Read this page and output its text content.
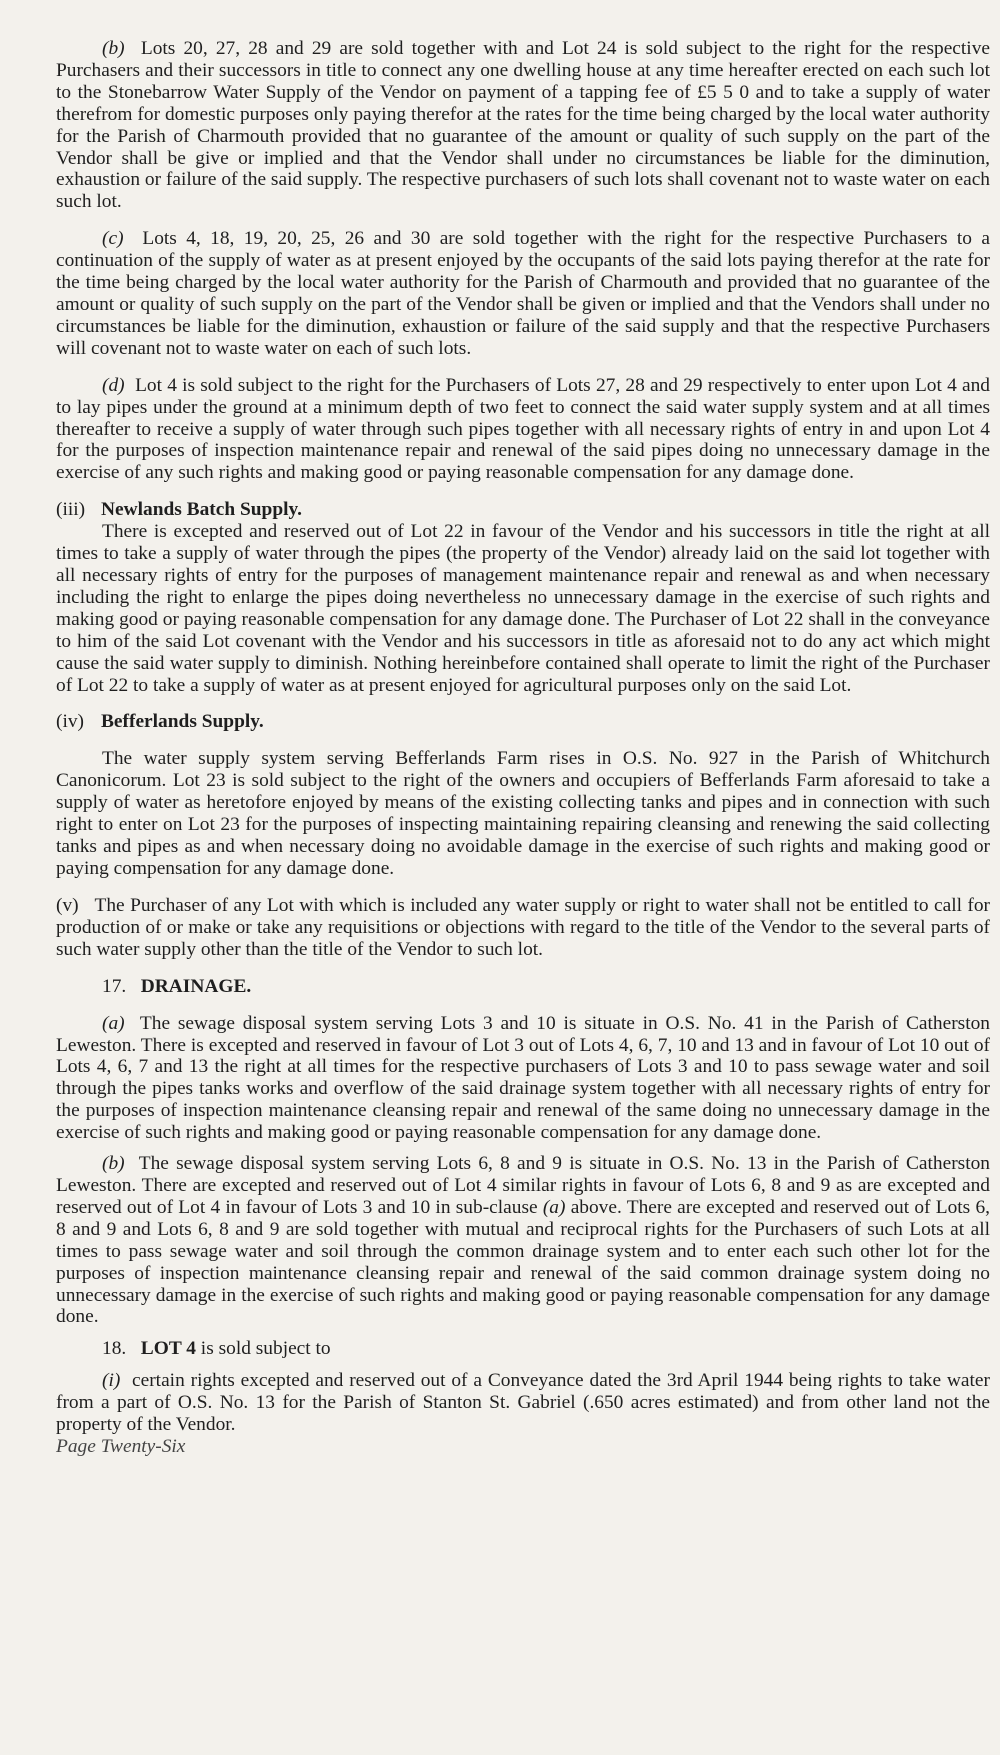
(b) Lots 20, 27, 28 and 29 are sold together with and Lot 24 is sold subject to the right for the respective Purchasers and their successors in title to connect any one dwelling house at any time hereafter erected on each such lot to the Stonebarrow Water Supply of the Vendor on payment of a tapping fee of £5 5 0 and to take a supply of water therefrom for domestic purposes only paying therefor at the rates for the time being charged by the local water authority for the Parish of Charmouth provided that no guarantee of the amount or quality of such supply on the part of the Vendor shall be give or implied and that the Vendor shall under no circumstances be liable for the diminution, exhaustion or failure of the said supply. The respective purchasers of such lots shall covenant not to waste water on each such lot.

(c) Lots 4, 18, 19, 20, 25, 26 and 30 are sold together with the right for the respective Purchasers to a continuation of the supply of water as at present enjoyed by the occupants of the said lots paying therefor at the rate for the time being charged by the local water authority for the Parish of Charmouth and provided that no guarantee of the amount or quality of such supply on the part of the Vendor shall be given or implied and that the Vendors shall under no circumstances be liable for the diminution, exhaustion or failure of the said supply and that the respective Purchasers will covenant not to waste water on each of such lots.

(d) Lot 4 is sold subject to the right for the Purchasers of Lots 27, 28 and 29 respectively to enter upon Lot 4 and to lay pipes under the ground at a minimum depth of two feet to connect the said water supply system and at all times thereafter to receive a supply of water through such pipes together with all necessary rights of entry in and upon Lot 4 for the purposes of inspection maintenance repair and renewal of the said pipes doing no unnecessary damage in the exercise of any such rights and making good or paying reasonable compensation for any damage done.

(iii) Newlands Batch Supply.

There is excepted and reserved out of Lot 22 in favour of the Vendor and his successors in title the right at all times to take a supply of water through the pipes (the property of the Vendor) already laid on the said lot together with all necessary rights of entry for the purposes of management maintenance repair and renewal as and when necessary including the right to enlarge the pipes doing nevertheless no unnecessary damage in the exercise of such rights and making good or paying reasonable compensation for any damage done. The Purchaser of Lot 22 shall in the conveyance to him of the said Lot covenant with the Vendor and his successors in title as aforesaid not to do any act which might cause the said water supply to diminish. Nothing hereinbefore contained shall operate to limit the right of the Purchaser of Lot 22 to take a supply of water as at present enjoyed for agricultural purposes only on the said Lot.

(iv) Befferlands Supply.

The water supply system serving Befferlands Farm rises in O.S. No. 927 in the Parish of Whitchurch Canonicorum. Lot 23 is sold subject to the right of the owners and occupiers of Befferlands Farm aforesaid to take a supply of water as heretofore enjoyed by means of the existing collecting tanks and pipes and in connection with such right to enter on Lot 23 for the purposes of inspecting maintaining repairing cleansing and renewing the said collecting tanks and pipes as and when necessary doing no avoidable damage in the exercise of such rights and making good or paying compensation for any damage done.

(v) The Purchaser of any Lot with which is included any water supply or right to water shall not be entitled to call for production of or make or take any requisitions or objections with regard to the title of the Vendor to the several parts of such water supply other than the title of the Vendor to such lot.

17. DRAINAGE.

(a) The sewage disposal system serving Lots 3 and 10 is situate in O.S. No. 41 in the Parish of Catherston Leweston. There is excepted and reserved in favour of Lot 3 out of Lots 4, 6, 7, 10 and 13 and in favour of Lot 10 out of Lots 4, 6, 7 and 13 the right at all times for the respective purchasers of Lots 3 and 10 to pass sewage water and soil through the pipes tanks works and overflow of the said drainage system together with all necessary rights of entry for the purposes of inspection maintenance cleansing repair and renewal of the same doing no unnecessary damage in the exercise of such rights and making good or paying reasonable compensation for any damage done.

(b) The sewage disposal system serving Lots 6, 8 and 9 is situate in O.S. No. 13 in the Parish of Catherston Leweston. There are excepted and reserved out of Lot 4 similar rights in favour of Lots 6, 8 and 9 as are excepted and reserved out of Lot 4 in favour of Lots 3 and 10 in sub-clause (a) above. There are excepted and reserved out of Lots 6, 8 and 9 and Lots 6, 8 and 9 are sold together with mutual and reciprocal rights for the Purchasers of such Lots at all times to pass sewage water and soil through the common drainage system and to enter each such other lot for the purposes of inspection maintenance cleansing repair and renewal of the said common drainage system doing no unnecessary damage in the exercise of such rights and making good or paying reasonable compensation for any damage done.

18. LOT 4 is sold subject to

(i) certain rights excepted and reserved out of a Conveyance dated the 3rd April 1944 being rights to take water from a part of O.S. No. 13 for the Parish of Stanton St. Gabriel (.650 acres estimated) and from other land not the property of the Vendor.

Page Twenty-Six
